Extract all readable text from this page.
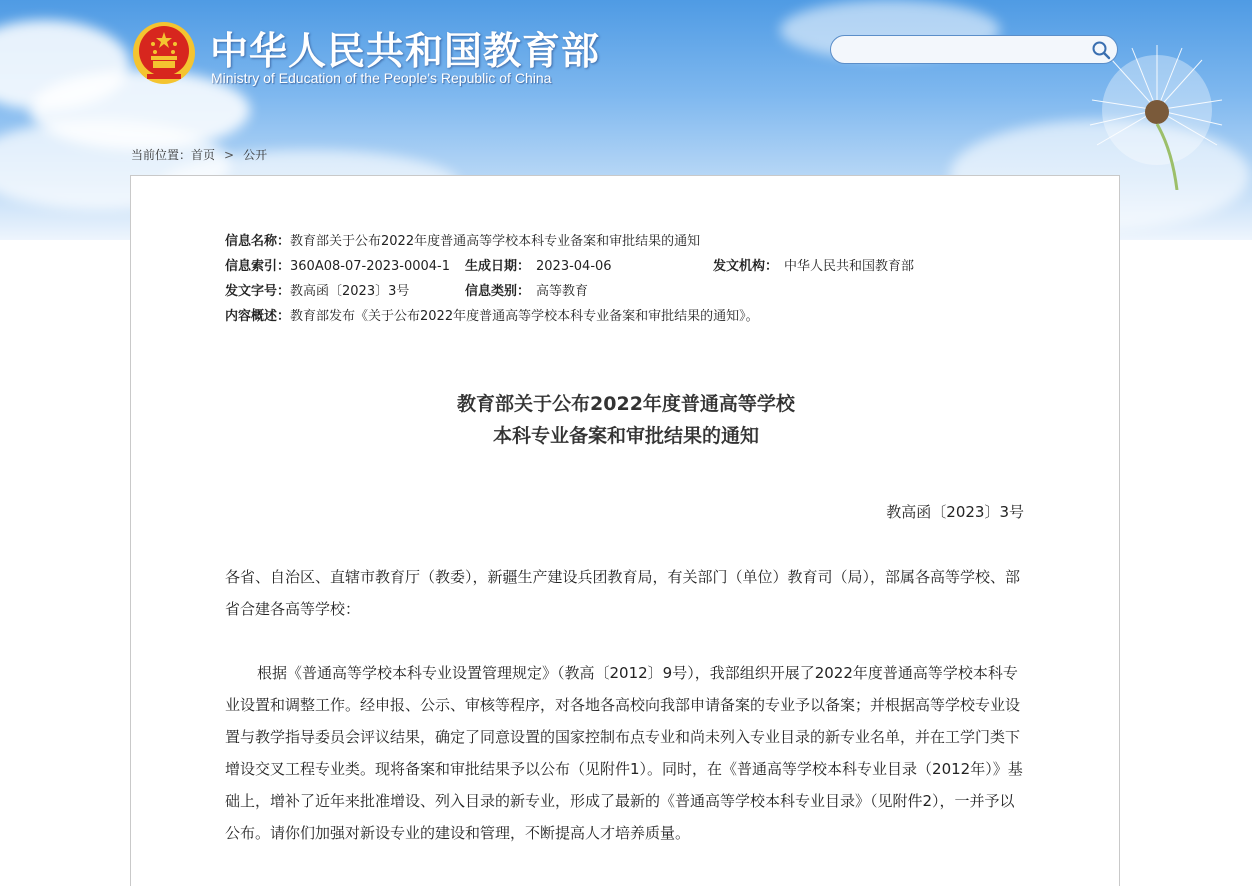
中华人民共和国教育部
Ministry of Education of the People's Republic of China
当前位置：首页 > 公开
信息名称：教育部关于公布2022年度普通高等学校本科专业备案和审批结果的通知
信息索引：360A08-07-2023-0004-1 生成日期： 2023-04-06	发文机构： 中华人民共和国教育部

发文字号：教高函〔2023〕3号	信息类别： 高等教育

内容概述：教育部发布《关于公布2022年度普通高等学校本科专业备案和审批结果的通知》。
教育部关于公布2022年度普通高等学校
本科专业备案和审批结果的通知
教高函〔2023〕3号

各省、自治区、直辖市教育厅（教委），新疆生产建设兵团教育局，有关部门（单位）教育司（局），部属各高等学校、部省合建各高等学校：

根据《普通高等学校本科专业设置管理规定》（教高〔2012〕9号），我部组织开展了2022年度普通高等学校本科专业设置和调整工作。经申报、公示、审核等程序，对各地各高校向我部申请备案的专业予以备案；并根据高等学校专业设置与教学指导委员会评议结果，确定了同意设置的国家控制布点专业和尚未列入专业目录的新专业名单，并在工学门类下增设交叉工程专业类。现将备案和审批结果予以公布（见附件1）。同时，在《普通高等学校本科专业目录（2012年）》基础上，增补了近年来批准增设、列入目录的新专业，形成了最新的《普通高等学校本科专业目录》（见附件2），一并予以公布。请你们加强对新设专业的建设和管理，不断提高人才培养质量。
